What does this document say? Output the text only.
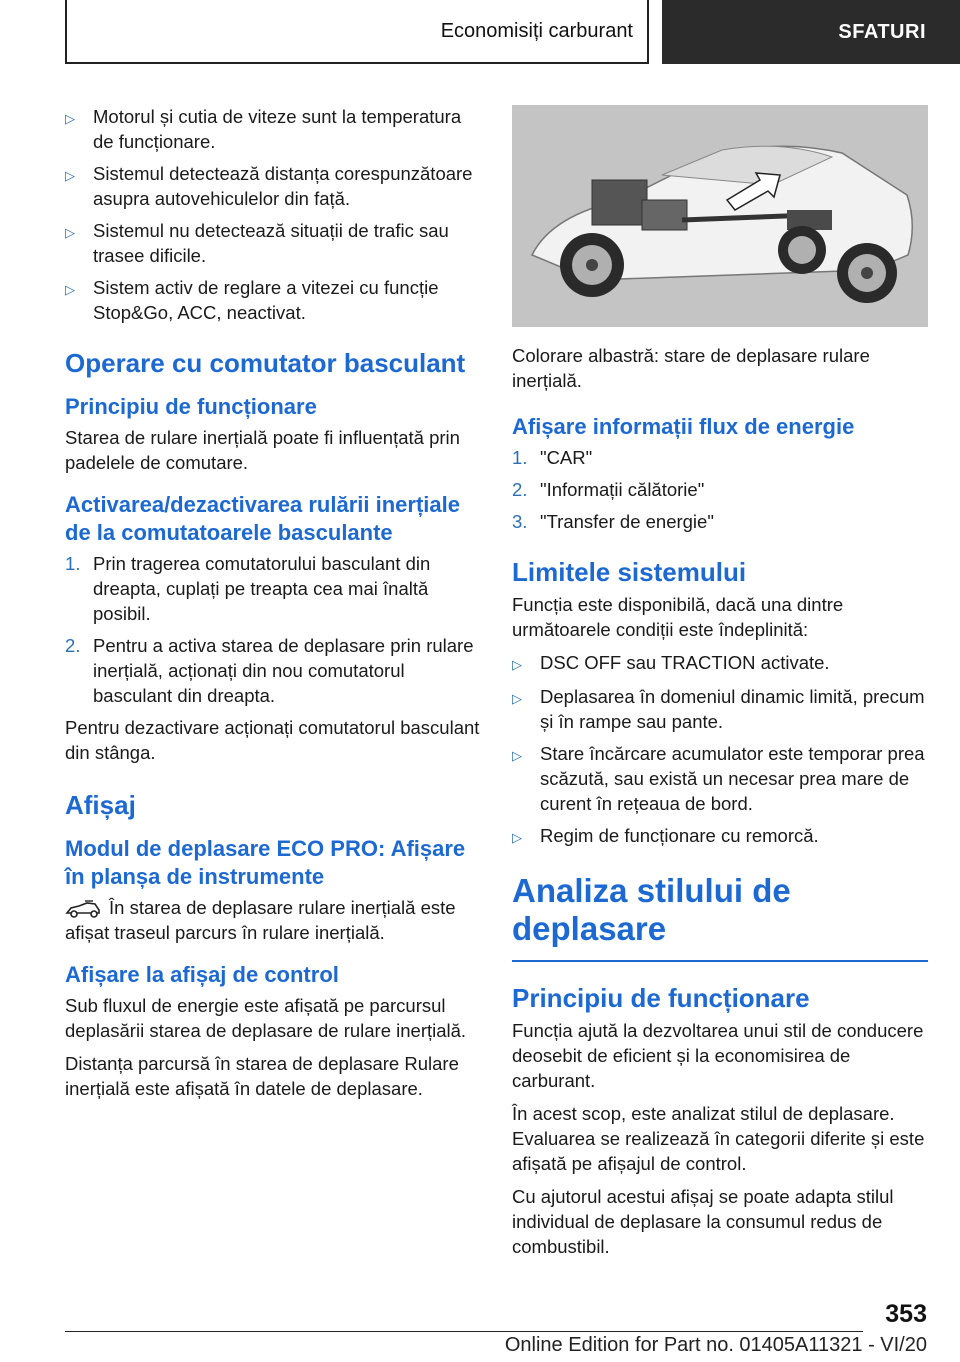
Economisiți carburant	SFATURI
▷ Motorul și cutia de viteze sunt la temperatura de funcționare.
▷ Sistemul detectează distanța corespunzătoare asupra autovehiculelor din față.
▷ Sistemul nu detectează situații de trafic sau trasee dificile.
▷ Sistem activ de reglare a vitezei cu funcție Stop&Go, ACC, neactivat.
Operare cu comutator basculant
Principiu de funcționare

Starea de rulare inerțială poate fi influențată prin padelele de comutare.

Activarea/dezactivarea rulării inerțiale de la comutatoarele basculante
1. Prin tragerea comutatorului basculant din dreapta, cuplați pe treapta cea mai înaltă posibil.
2. Pentru a activa starea de deplasare prin rulare inerțială, acționați din nou comutatorul basculant din dreapta.

Pentru dezactivare acționați comutatorul basculant din stânga.

Afișaj
Modul de deplasare ECO PRO: Afișare în planșa de instrumente

În starea de deplasare rulare inerțială este afișat traseul parcurs în rulare inerțială.

Afișare la afișaj de control

Sub fluxul de energie este afișată pe parcursul deplasării starea de deplasare de rulare inerțială.

Distanța parcursă în starea de deplasare Rulare inerțială este afișată în datele de deplasare.

Colorare albastră: stare de deplasare rulare inerțială.

Afișare informații flux de energie
1. "CAR"
2. "Informații călătorie"
3. "Transfer de energie"
Limitele sistemului

Funcția este disponibilă, dacă una dintre următoarele condiții este îndeplinită:

▷ DSC OFF sau TRACTION activate.
▷ Deplasarea în domeniul dinamic limită, precum și în rampe sau pante.
▷ Stare încărcare acumulator este temporar prea scăzută, sau există un necesar prea mare de curent în rețeaua de bord.
▷ Regim de funcționare cu remorcă.
Analiza stilului de deplasare
Principiu de funcționare

Funcția ajută la dezvoltarea unui stil de conducere deosebit de eficient și la economisirea de carburant.

În acest scop, este analizat stilul de deplasare. Evaluarea se realizează în categorii diferite și este afișată pe afișajul de control.

Cu ajutorul acestui afișaj se poate adapta stilul individual de deplasare la consumul redus de combustibil.

353
Online Edition for Part no. 01405A11321 - VI/20
